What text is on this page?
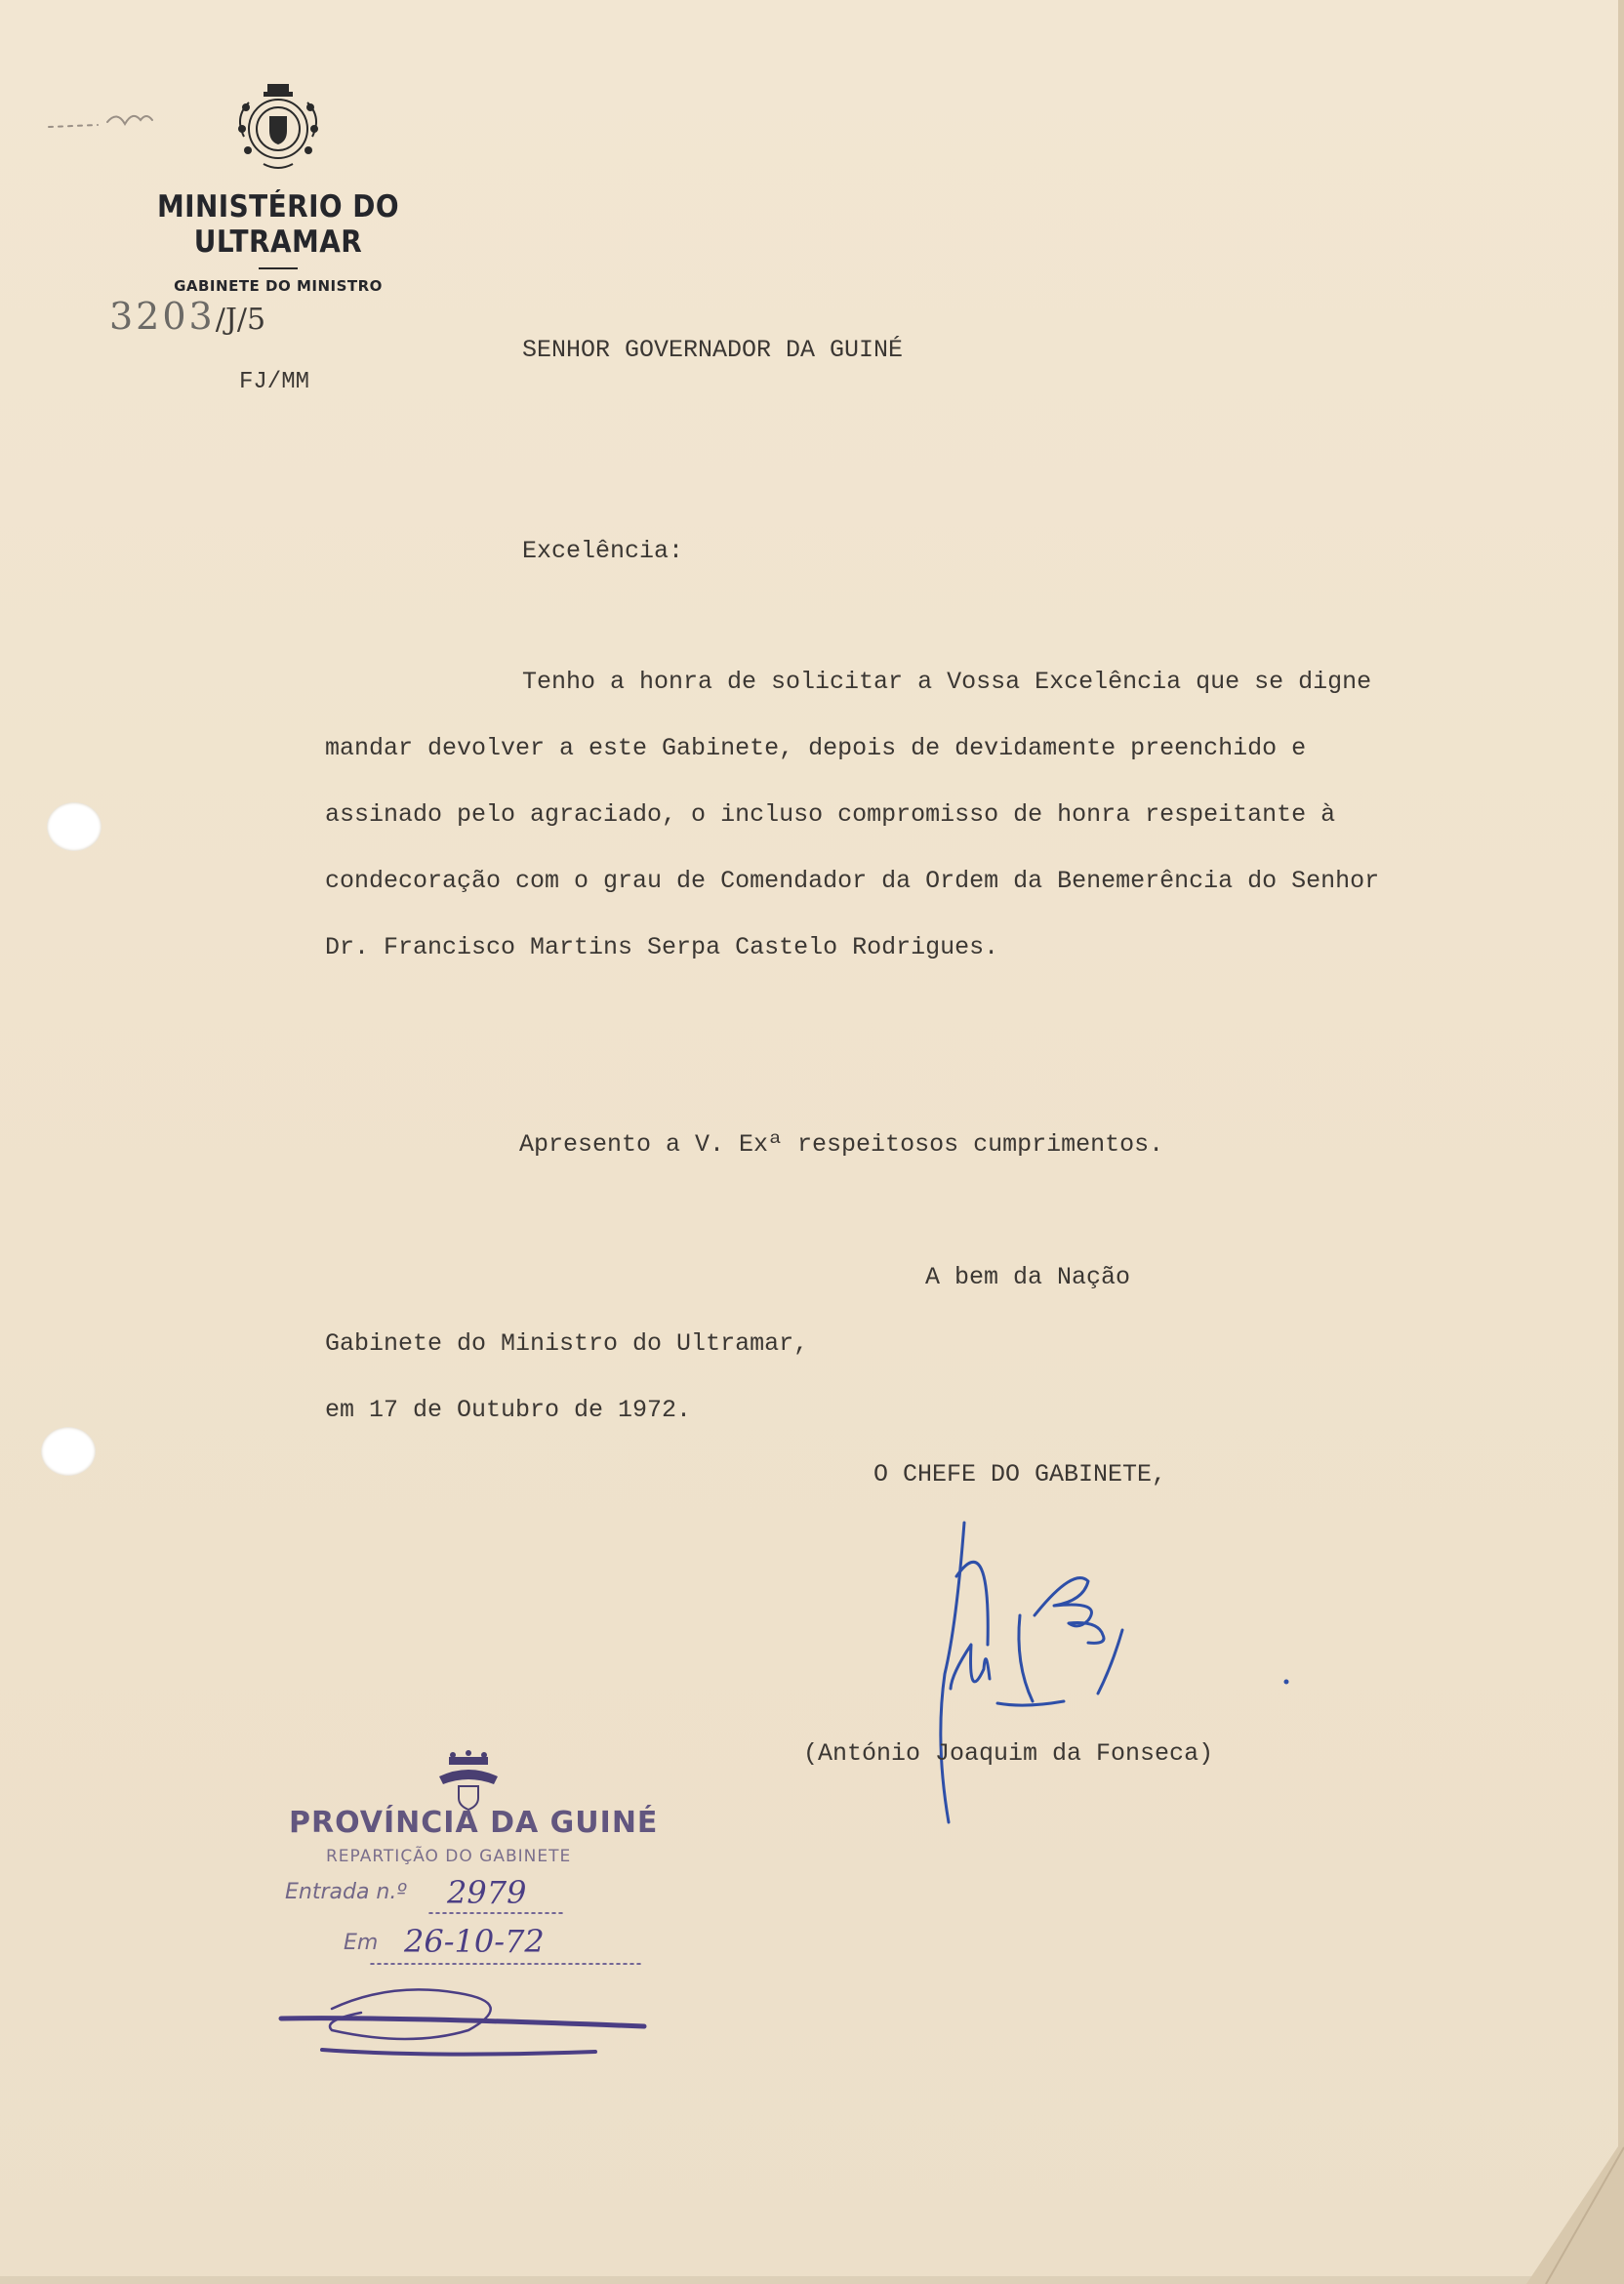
MINISTÉRIO DO ULTRAMAR
GABINETE DO MINISTRO
3203/J/5
FJ/MM
SENHOR GOVERNADOR DA GUINÉ
Excelência:
Tenho a honra de solicitar a Vossa Excelência que se digne
mandar devolver a este Gabinete, depois de devidamente preenchido e
assinado pelo agraciado, o incluso compromisso de honra respeitante à
condecoração com o grau de Comendador da Ordem da Benemerência do Senhor
Dr. Francisco Martins Serpa Castelo Rodrigues.
Apresento a V. Exª respeitosos cumprimentos.
A bem da Nação
Gabinete do Ministro do Ultramar,
em 17 de Outubro de 1972.
O CHEFE DO GABINETE,
(António Joaquim da Fonseca)
PROVÍNCIA DA GUINÉ
REPARTIÇÃO DO GABINETE
Entrada n.º 2979
Em 26-10-72
